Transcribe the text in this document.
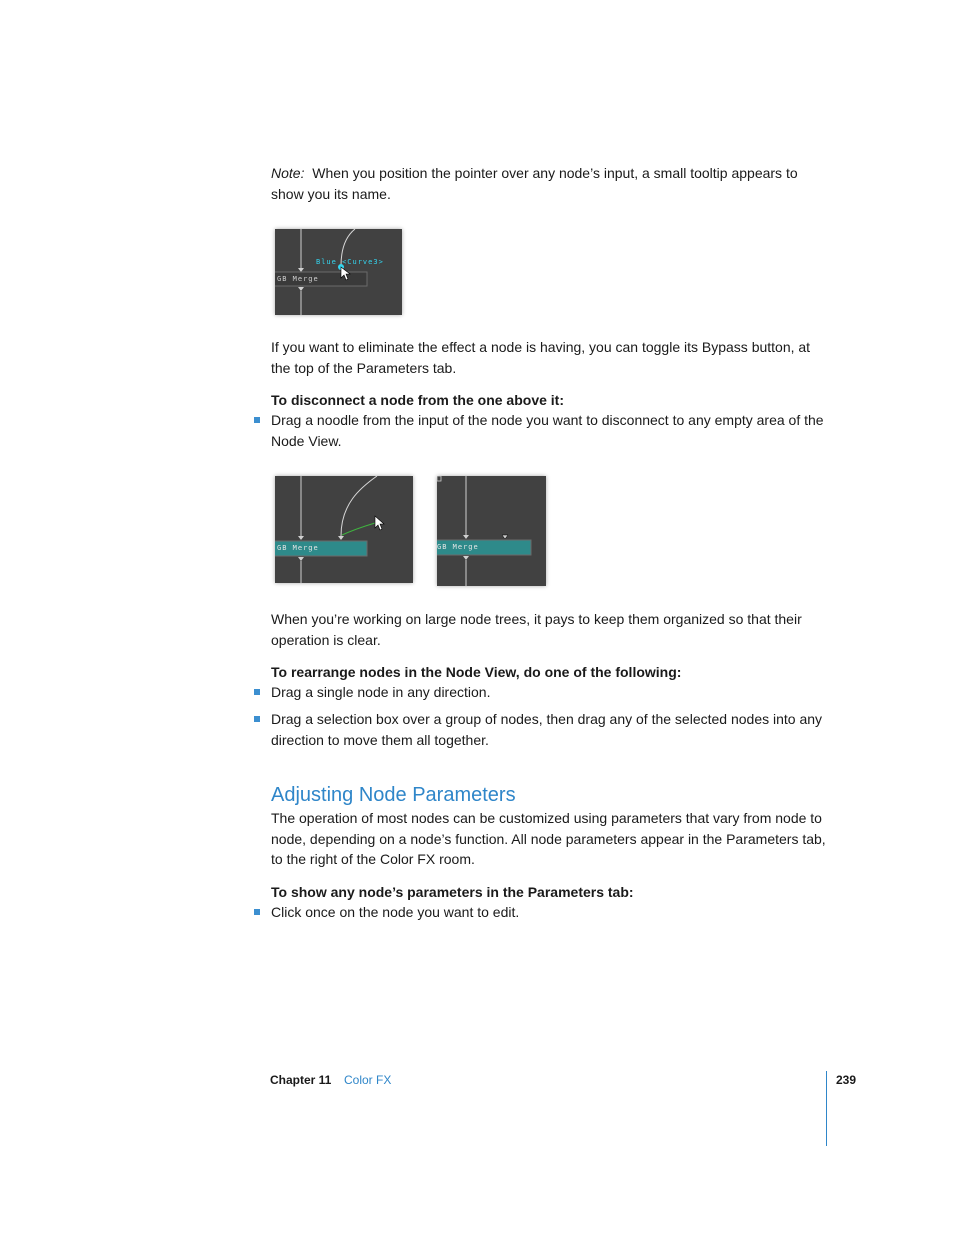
Note: When you position the pointer over any node’s input, a small tooltip appears to show you its name.
Blue <Curve3>
GB Merge
If you want to eliminate the effect a node is having, you can toggle its Bypass button, at the top of the Parameters tab.
To disconnect a node from the one above it:
Drag a noodle from the input of the node you want to disconnect to any empty area of the Node View.
GB Merge	GB Merge
When you’re working on large node trees, it pays to keep them organized so that their operation is clear.
To rearrange nodes in the Node View, do one of the following:
Drag a single node in any direction.
Drag a selection box over a group of nodes, then drag any of the selected nodes into any direction to move them all together.
Adjusting Node Parameters
The operation of most nodes can be customized using parameters that vary from node to node, depending on a node’s function. All node parameters appear in the Parameters tab, to the right of the Color FX room.
To show any node’s parameters in the Parameters tab:
Click once on the node you want to edit.
Chapter 11 Color FX	239
